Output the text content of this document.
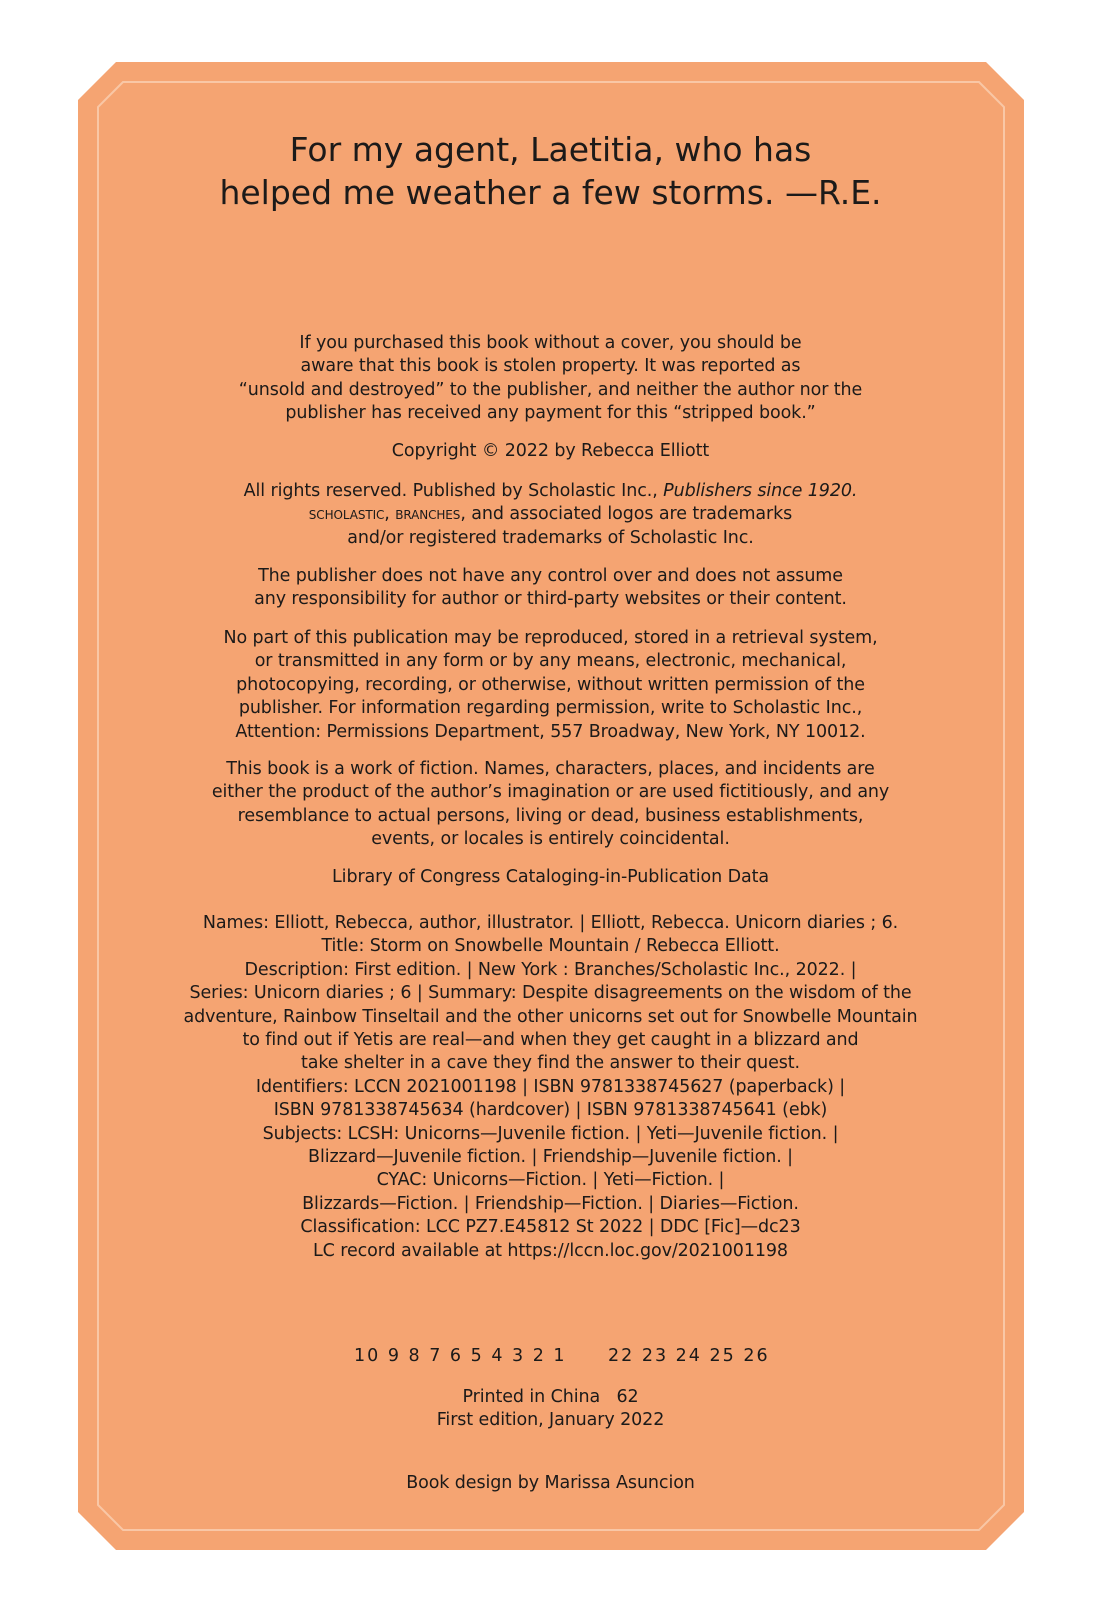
For my agent, Laetitia, who has
helped me weather a few storms. —R.E.
If you purchased this book without a cover, you should be
aware that this book is stolen property. It was reported as
“unsold and destroyed” to the publisher, and neither the author nor the
publisher has received any payment for this “stripped book.”
Copyright © 2022 by Rebecca Elliott
All rights reserved. Published by Scholastic Inc., Publishers since 1920.
scholastic, branches, and associated logos are trademarks
and/or registered trademarks of Scholastic Inc.
The publisher does not have any control over and does not assume
any responsibility for author or third-party websites or their content.
No part of this publication may be reproduced, stored in a retrieval system,
or transmitted in any form or by any means, electronic, mechanical,
photocopying, recording, or otherwise, without written permission of the
publisher. For information regarding permission, write to Scholastic Inc.,
Attention: Permissions Department, 557 Broadway, New York, NY 10012.
This book is a work of fiction. Names, characters, places, and incidents are
either the product of the author’s imagination or are used fictitiously, and any
resemblance to actual persons, living or dead, business establishments,
events, or locales is entirely coincidental.
Library of Congress Cataloging-in-Publication Data
Names: Elliott, Rebecca, author, illustrator. | Elliott, Rebecca. Unicorn diaries ; 6.
Title: Storm on Snowbelle Mountain / Rebecca Elliott.
Description: First edition. | New York : Branches/Scholastic Inc., 2022. |
Series: Unicorn diaries ; 6 | Summary: Despite disagreements on the wisdom of the
adventure, Rainbow Tinseltail and the other unicorns set out for Snowbelle Mountain
to find out if Yetis are real—and when they get caught in a blizzard and
take shelter in a cave they find the answer to their quest.
Identifiers: LCCN 2021001198 | ISBN 9781338745627 (paperback) |
ISBN 9781338745634 (hardcover) | ISBN 9781338745641 (ebk)
Subjects: LCSH: Unicorns—Juvenile fiction. | Yeti—Juvenile fiction. |
Blizzard—Juvenile fiction. | Friendship—Juvenile fiction. |
CYAC: Unicorns—Fiction. | Yeti—Fiction. |
Blizzards—Fiction. | Friendship—Fiction. | Diaries—Fiction.
Classification: LCC PZ7.E45812 St 2022 | DDC [Fic]—dc23
LC record available at https://lccn.loc.gov/2021001198
10 9 8 7 6 5 4 3 2 1 22 23 24 25 26
Printed in China   62
First edition, January 2022
Book design by Marissa Asuncion
